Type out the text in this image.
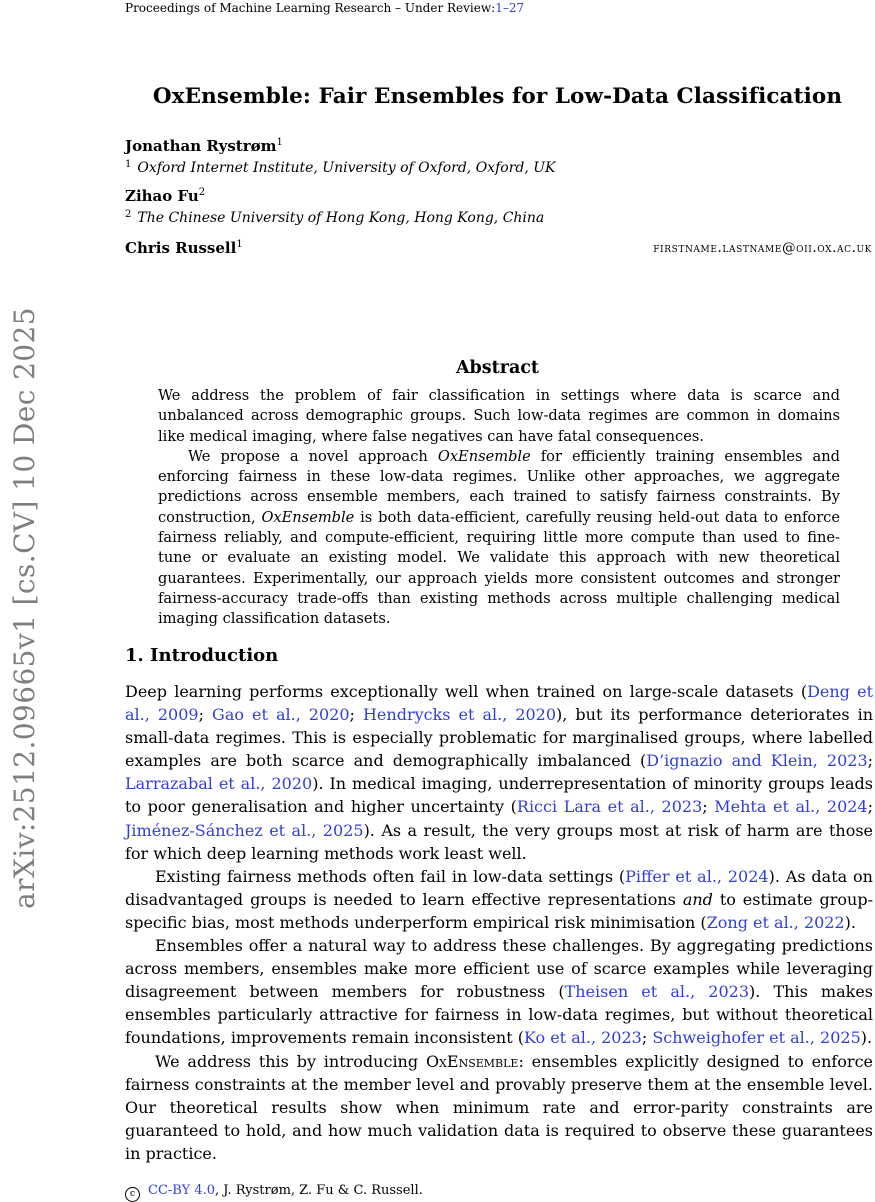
Proceedings of Machine Learning Research – Under Review:1–27
arXiv:2512.09665v1 [cs.CV] 10 Dec 2025
OxEnsemble: Fair Ensembles for Low-Data Classification
Jonathan Rystrøm$^1$
$^1$ Oxford Internet Institute, University of Oxford, Oxford, UK
Zihao Fu$^2$
$^2$ The Chinese University of Hong Kong, Hong Kong, China
Chris Russell$^1$	firstname.lastname@oii.ox.ac.uk
Abstract

We address the problem of fair classification in settings where data is scarce and unbalanced across demographic groups. Such low-data regimes are common in domains like medical imaging, where false negatives can have fatal consequences.

We propose a novel approach OxEnsemble for efficiently training ensembles and enforcing fairness in these low-data regimes. Unlike other approaches, we aggregate predictions across ensemble members, each trained to satisfy fairness constraints. By construction, OxEnsemble is both data-efficient, carefully reusing held-out data to enforce fairness reliably, and compute-efficient, requiring little more compute than used to fine-tune or evaluate an existing model. We validate this approach with new theoretical guarantees. Experimentally, our approach yields more consistent outcomes and stronger fairness-accuracy trade-offs than existing methods across multiple challenging medical imaging classification datasets.

1. Introduction

Deep learning performs exceptionally well when trained on large-scale datasets (Deng et al., 2009; Gao et al., 2020; Hendrycks et al., 2020), but its performance deteriorates in small-data regimes. This is especially problematic for marginalised groups, where labelled examples are both scarce and demographically imbalanced (D’ignazio and Klein, 2023; Larrazabal et al., 2020). In medical imaging, underrepresentation of minority groups leads to poor generalisation and higher uncertainty (Ricci Lara et al., 2023; Mehta et al., 2024; Jiménez-Sánchez et al., 2025). As a result, the very groups most at risk of harm are those for which deep learning methods work least well.

Existing fairness methods often fail in low-data settings (Piffer et al., 2024). As data on disadvantaged groups is needed to learn effective representations and to estimate group-specific bias, most methods underperform empirical risk minimisation (Zong et al., 2022).

Ensembles offer a natural way to address these challenges. By aggregating predictions across members, ensembles make more efficient use of scarce examples while leveraging disagreement between members for robustness (Theisen et al., 2023). This makes ensembles particularly attractive for fairness in low-data regimes, but without theoretical foundations, improvements remain inconsistent (Ko et al., 2023; Schweighofer et al., 2025).

We address this by introducing OxEnsemble: ensembles explicitly designed to enforce fairness constraints at the member level and provably preserve them at the ensemble level. Our theoretical results show when minimum rate and error-parity constraints are guaranteed to hold, and how much validation data is required to observe these guarantees in practice.

c CC-BY 4.0, J. Rystrøm, Z. Fu & C. Russell.
